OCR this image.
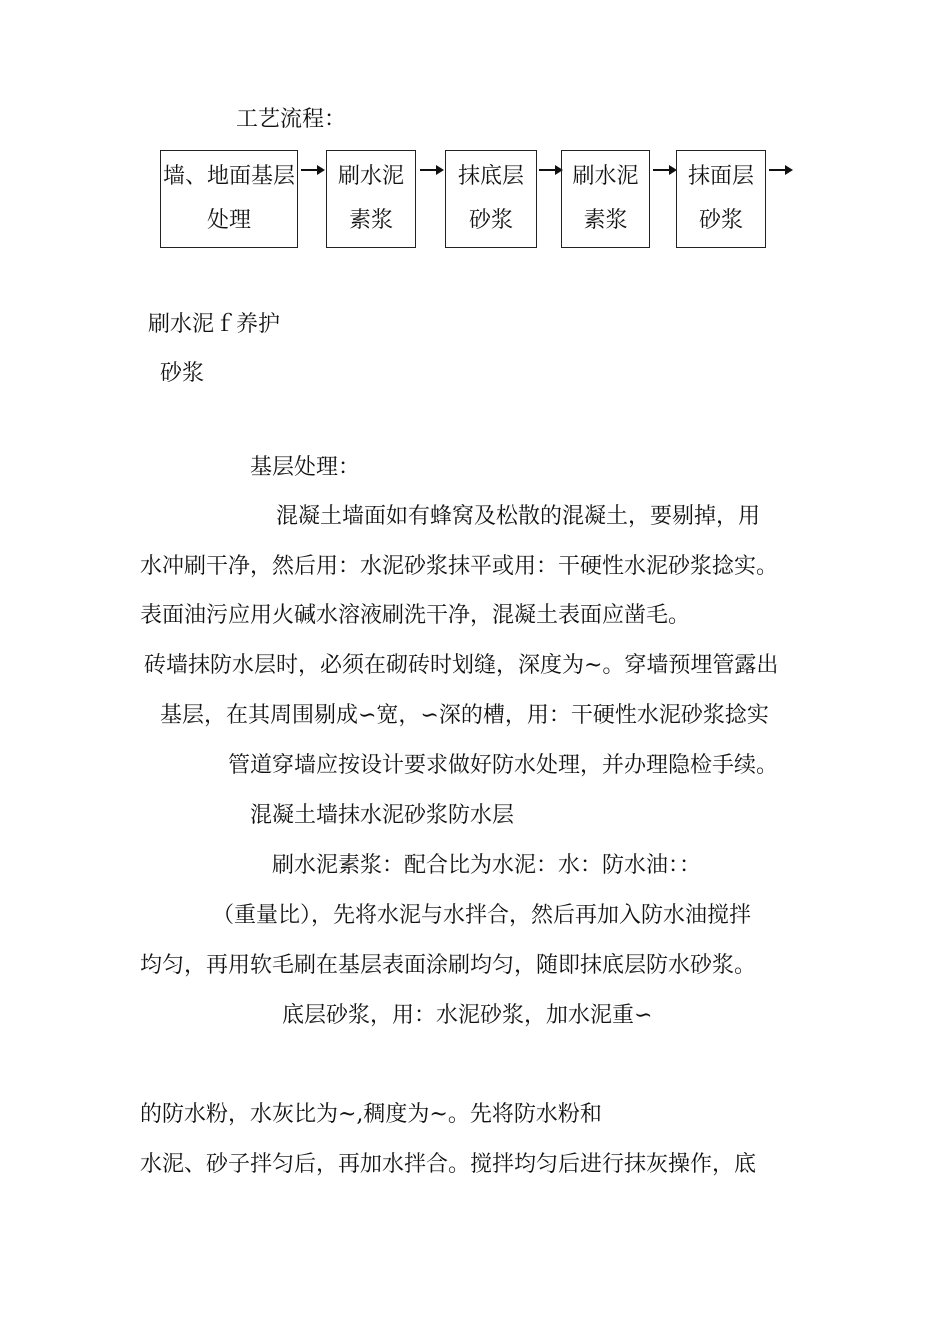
工艺流程：
墙、地面基层
处理
刷水泥
素浆
抹底层
砂浆
刷水泥
素浆
抹面层
砂浆
刷水泥ｆ养护
砂浆
基层处理：
混凝土墙面如有蜂窝及松散的混凝土，要剔掉，用
水冲刷干净，然后用：水泥砂浆抹平或用：干硬性水泥砂浆捻实。
表面油污应用火碱水溶液刷洗干净，混凝土表面应凿毛。
砖墙抹防水层时，必须在砌砖时划缝，深度为~。穿墙预埋管露出
基层，在其周围剔成∽宽，∽深的槽，用：干硬性水泥砂浆捻实
管道穿墙应按设计要求做好防水处理，并办理隐检手续。
混凝土墙抹水泥砂浆防水层
刷水泥素浆：配合比为水泥：水：防水油：：
（重量比），先将水泥与水拌合，然后再加入防水油搅拌
均匀，再用软毛刷在基层表面涂刷均匀，随即抹底层防水砂浆。
底层砂浆，用：水泥砂浆，加水泥重∽
的防水粉，水灰比为~,稠度为~。先将防水粉和
水泥、砂子拌匀后，再加水拌合。搅拌均匀后进行抹灰操作，底
